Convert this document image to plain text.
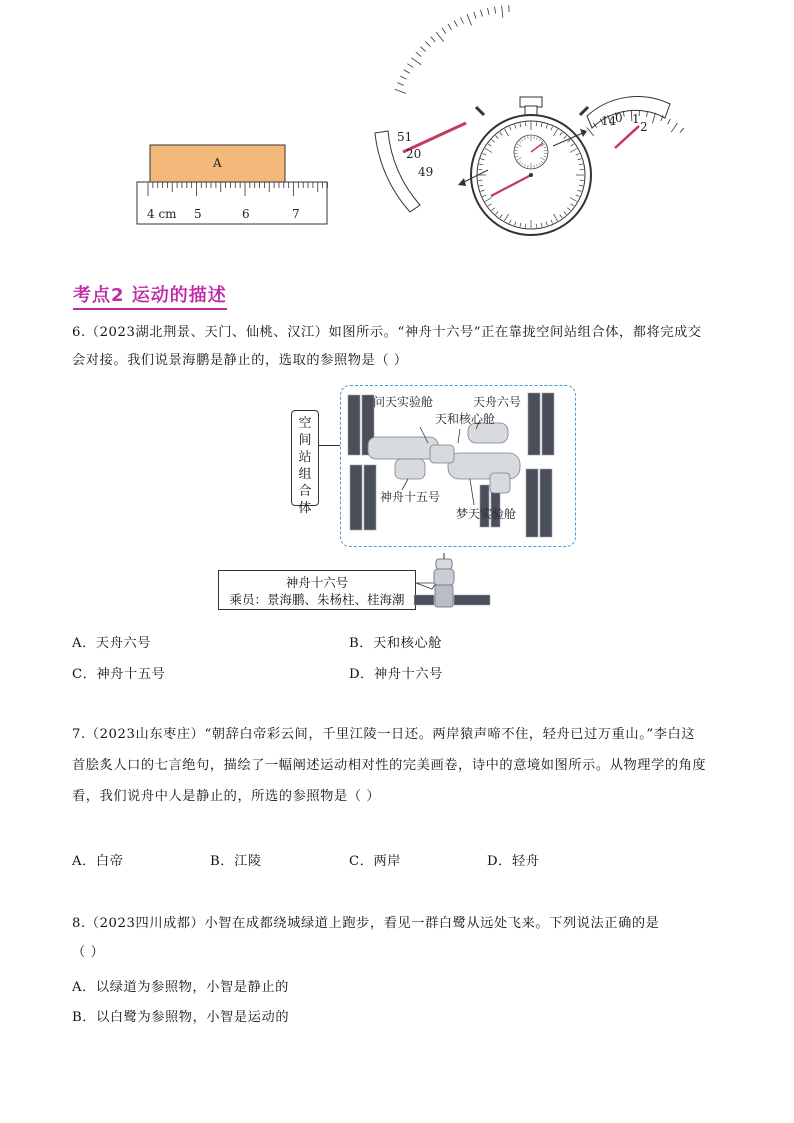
A
4 cm 5	6	7
51
20
49
14
0 1
2
考点2 运动的描述
6.（2023湖北荆景、天门、仙桃、汉江）如图所示。“神舟十六号”正在靠拢空间站组合体，都将完成交
会对接。我们说景海鹏是静止的，选取的参照物是（ ）
空间站组合体
问天实验舱	天舟六号
天和核心舱
神舟十五号
梦天实验舱
神舟十六号
乘员：景海鹏、朱杨柱、桂海潮
A．天舟六号	B．天和核心舱
C．神舟十五号	D．神舟十六号
7.（2023山东枣庄）“朝辞白帝彩云间，千里江陵一日还。两岸猿声啼不住，轻舟已过万重山。”李白这
首脍炙人口的七言绝句，描绘了一幅阐述运动相对性的完美画卷，诗中的意境如图所示。从物理学的角度
看，我们说舟中人是静止的，所选的参照物是（ ）
A．白帝	B．江陵	C．两岸	D．轻舟
8.（2023四川成都）小智在成都绕城绿道上跑步，看见一群白鹭从远处飞来。下列说法正确的是
（ ）
A．以绿道为参照物，小智是静止的
B．以白鹭为参照物，小智是运动的
